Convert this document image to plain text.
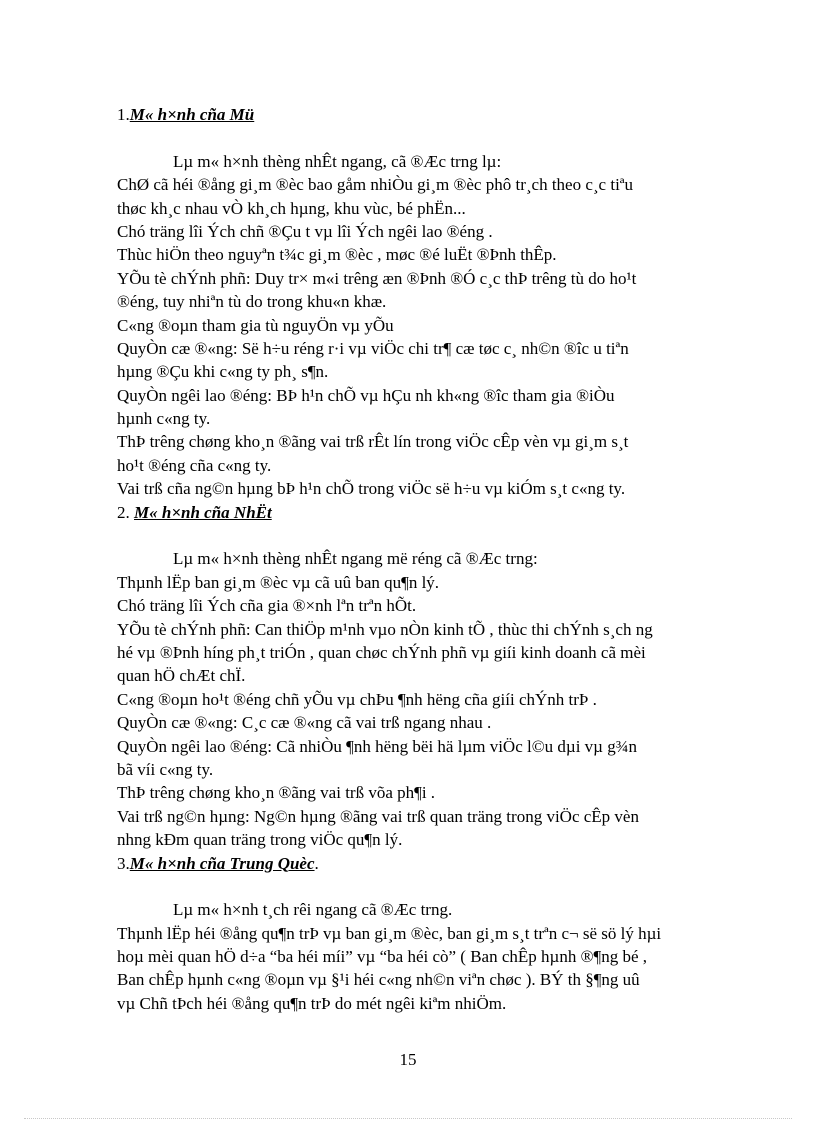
1.M« h×nh cña Mü
Lµ m« h×nh thèng nhÊt ngang, cã ®Æc trng lµ:
ChØ cã héi ®ång gi¸m ®èc bao gåm nhiÒu gi¸m ®èc phô tr¸ch theo c¸c tiªu
thøc kh¸c nhau vÒ kh¸ch hµng, khu vùc, bé phËn...
Chó träng lîi Ých chñ ®Çu t vµ lîi Ých ngêi lao ®éng .
Thùc hiÖn theo nguyªn t¾c gi¸m ®èc , møc ®é luËt ®Þnh thÊp.
YÕu tè chÝnh phñ: Duy tr× m«i trêng æn ®Þnh ®Ó c¸c thÞ trêng tù do ho¹t
®éng, tuy nhiªn tù do trong khu«n khæ.
C«ng ®oµn tham gia tù nguyÖn vµ yÕu
QuyÒn cæ ®«ng: Së h÷u réng r·i vµ viÖc chi tr¶ cæ tøc c¸ nh©n ®îc u tiªn
hµng ®Çu khi c«ng ty ph¸ s¶n.
QuyÒn ngêi lao ®éng: BÞ h¹n chÕ vµ hÇu nh kh«ng ®îc tham gia ®iÒu
hµnh c«ng ty.
ThÞ trêng chøng kho¸n ®ãng vai trß rÊt lín trong viÖc cÊp vèn vµ gi¸m s¸t
ho¹t ®éng cña c«ng ty.
Vai trß cña ng©n hµng bÞ h¹n chÕ trong viÖc së h÷u vµ kiÓm s¸t c«ng ty.
2. M« h×nh cña NhËt
Lµ m« h×nh thèng nhÊt ngang më réng cã ®Æc trng:
Thµnh lËp ban gi¸m ®èc vµ cã uû ban qu¶n lý.
Chó träng lîi Ých cña gia ®×nh lªn trªn hÕt.
YÕu tè chÝnh phñ: Can thiÖp m¹nh vµo nÒn kinh tÕ , thùc thi chÝnh s¸ch ng
hé vµ ®Þnh híng ph¸t triÓn , quan chøc chÝnh phñ vµ giíi kinh doanh cã mèi
quan hÖ chÆt chÏ.
C«ng ®oµn ho¹t ®éng chñ yÕu vµ chÞu ¶nh hëng cña giíi chÝnh trÞ .
QuyÒn cæ ®«ng: C¸c cæ ®«ng cã vai trß ngang nhau .
QuyÒn ngêi lao ®éng: Cã nhiÒu ¶nh hëng bëi hä lµm viÖc l©u dµi vµ g¾n
bã víi c«ng ty.
ThÞ trêng chøng kho¸n ®ãng vai trß võa ph¶i .
Vai trß ng©n hµng: Ng©n hµng ®ãng vai trß quan träng trong viÖc cÊp vèn
nhng kÐm quan träng trong viÖc qu¶n lý.
3.M« h×nh cña Trung Quèc.
Lµ m« h×nh t¸ch rêi ngang cã ®Æc trng.
Thµnh lËp héi ®ång qu¶n trÞ vµ ban gi¸m ®èc, ban gi¸m s¸t trªn c¬ së sö lý hµi
hoµ mèi quan hÖ d÷a “ba héi míi” vµ “ba héi cò” ( Ban chÊp hµnh ®¶ng bé ,
Ban chÊp hµnh c«ng ®oµn vµ §¹i héi c«ng nh©n viªn chøc ). BÝ th §¶ng uû
vµ Chñ tÞch héi ®ång qu¶n trÞ do mét ngêi kiªm nhiÖm.
15
